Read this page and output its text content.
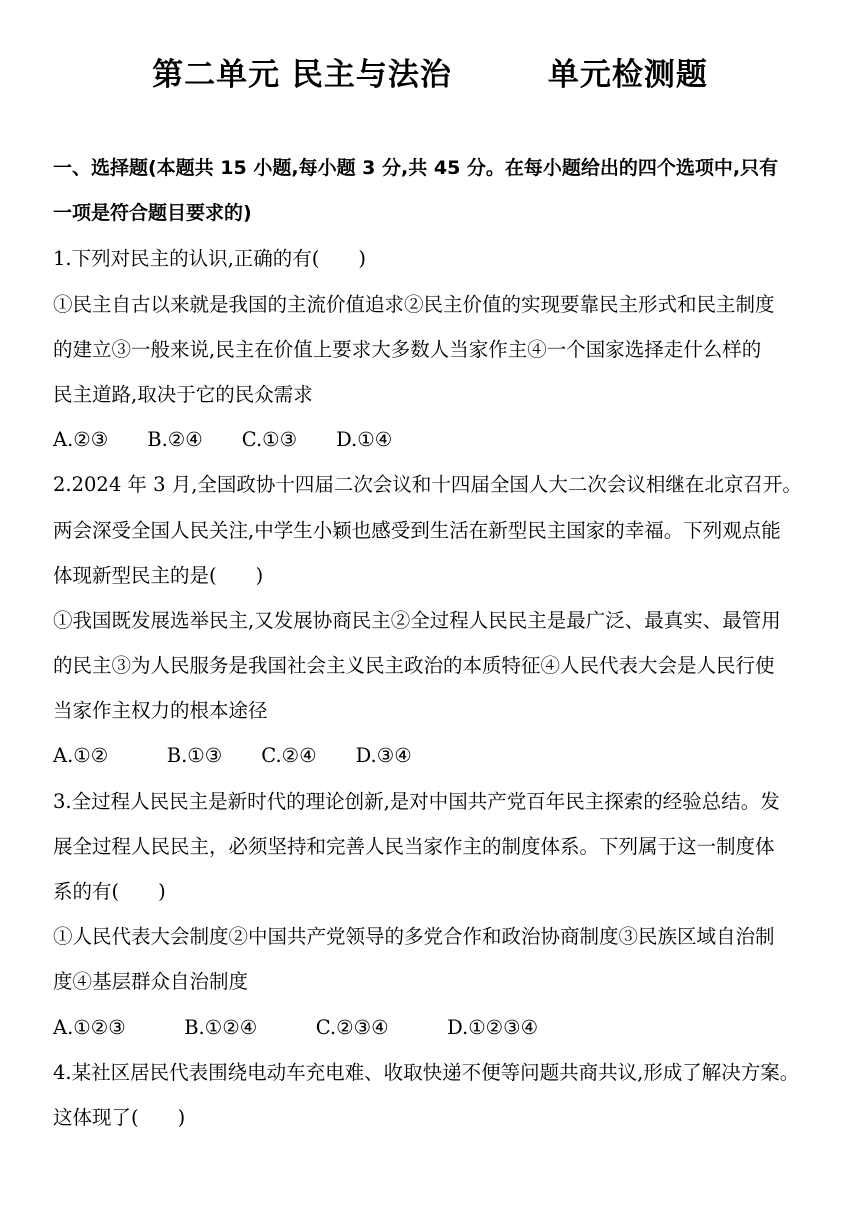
第二单元 民主与法治　　　单元检测题
一、选择题(本题共 15 小题,每小题 3 分,共 45 分。在每小题给出的四个选项中,只有
一项是符合题目要求的)
1.下列对民主的认识,正确的有(　　)
①民主自古以来就是我国的主流价值追求②民主价值的实现要靠民主形式和民主制度
的建立③一般来说,民主在价值上要求大多数人当家作主④一个国家选择走什么样的
民主道路,取决于它的民众需求
A.②③　　B.②④　　C.①③　　D.①④
2.2024 年 3 月,全国政协十四届二次会议和十四届全国人大二次会议相继在北京召开。
两会深受全国人民关注,中学生小颖也感受到生活在新型民主国家的幸福。下列观点能
体现新型民主的是(　　)
①我国既发展选举民主,又发展协商民主②全过程人民民主是最广泛、最真实、最管用
的民主③为人民服务是我国社会主义民主政治的本质特征④人民代表大会是人民行使
当家作主权力的根本途径
A.①②　　　B.①③　　C.②④　　D.③④
3.全过程人民民主是新时代的理论创新,是对中国共产党百年民主探索的经验总结。发
展全过程人民民主，必须坚持和完善人民当家作主的制度体系。下列属于这一制度体
系的有(　　)
①人民代表大会制度②中国共产党领导的多党合作和政治协商制度③民族区域自治制
度④基层群众自治制度
A.①②③　　　B.①②④　　　C.②③④　　　D.①②③④
4.某社区居民代表围绕电动车充电难、收取快递不便等问题共商共议,形成了解决方案。
这体现了(　　)
